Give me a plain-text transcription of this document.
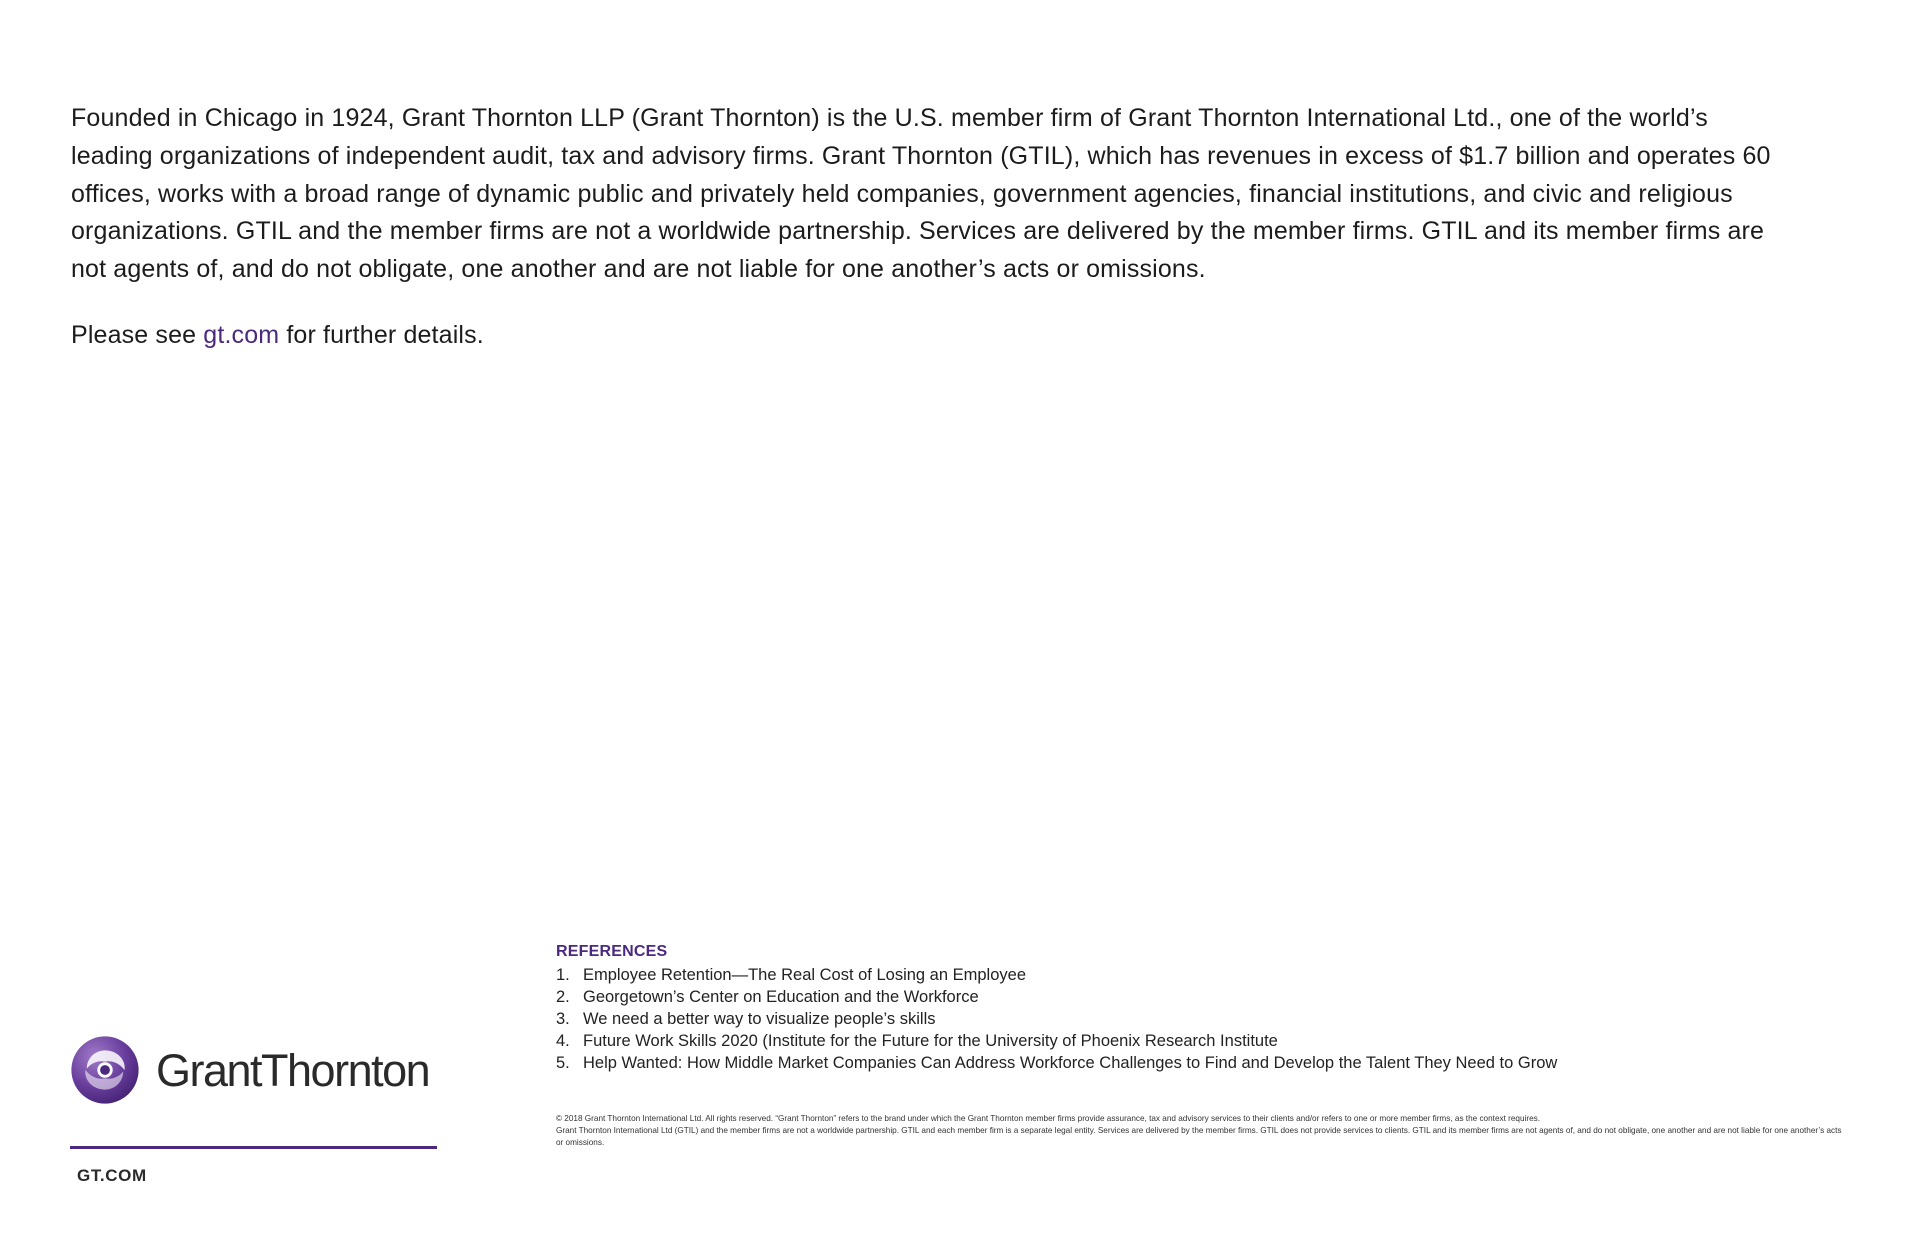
Founded in Chicago in 1924, Grant Thornton LLP (Grant Thornton) is the U.S. member firm of Grant Thornton International Ltd., one of the world’s leading organizations of independent audit, tax and advisory firms. Grant Thornton (GTIL), which has revenues in excess of $1.7 billion and operates 60 offices, works with a broad range of dynamic public and privately held companies, government agencies, financial institutions, and civic and religious organizations. GTIL and the member firms are not a worldwide partnership. Services are delivered by the member firms. GTIL and its member firms are not agents of, and do not obligate, one another and are not liable for one another’s acts or omissions.

Please see gt.com for further details.

REFERENCES
1. Employee Retention—The Real Cost of Losing an Employee
2. Georgetown’s Center on Education and the Workforce
3. We need a better way to visualize people’s skills
4. Future Work Skills 2020 (Institute for the Future for the University of Phoenix Research Institute
5. Help Wanted: How Middle Market Companies Can Address Workforce Challenges to Find and Develop the Talent They Need to Grow
© 2018 Grant Thornton International Ltd. All rights reserved. “Grant Thornton” refers to the brand under which the Grant Thornton member firms provide assurance, tax and advisory services to their clients and/or refers to one or more member firms, as the context requires.
Grant Thornton International Ltd (GTIL) and the member firms are not a worldwide partnership. GTIL and each member firm is a separate legal entity. Services are delivered by the member firms. GTIL does not provide services to clients. GTIL and its member firms are not agents of, and do not obligate, one another and are not liable for one another’s acts or omissions.
GrantThornton
GT.COM
